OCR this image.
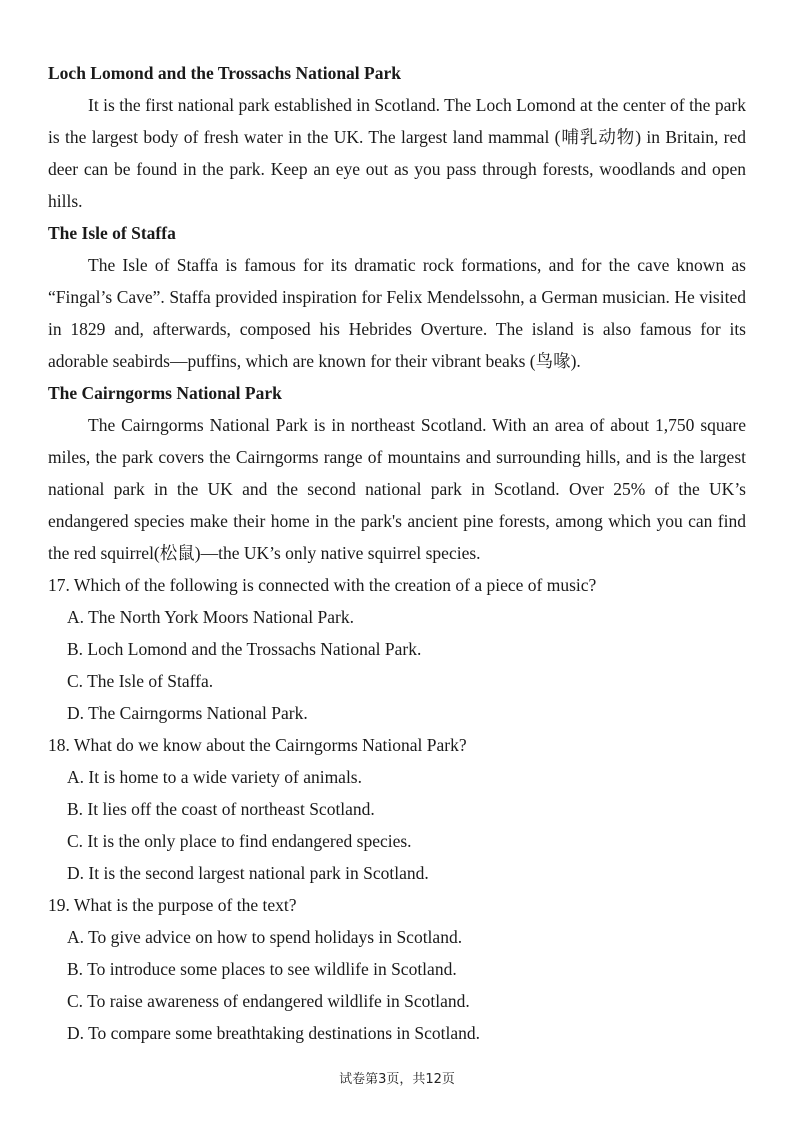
Loch Lomond and the Trossachs National Park

It is the first national park established in Scotland. The Loch Lomond at the center of the park is the largest body of fresh water in the UK. The largest land mammal (哺乳动物) in Britain, red deer can be found in the park. Keep an eye out as you pass through forests, woodlands and open hills.

The Isle of Staffa

The Isle of Staffa is famous for its dramatic rock formations, and for the cave known as “Fingal’s Cave”. Staffa provided inspiration for Felix Mendelssohn, a German musician. He visited in 1829 and, afterwards, composed his Hebrides Overture. The island is also famous for its adorable seabirds—puffins, which are known for their vibrant beaks (鸟喙).

The Cairngorms National Park

The Cairngorms National Park is in northeast Scotland. With an area of about 1,750 square miles, the park covers the Cairngorms range of mountains and surrounding hills, and is the largest national park in the UK and the second national park in Scotland. Over 25% of the UK’s endangered species make their home in the park's ancient pine forests, among which you can find the red squirrel(松鼠)—the UK’s only native squirrel species.

17. Which of the following is connected with the creation of a piece of music?
A. The North York Moors National Park.
B. Loch Lomond and the Trossachs National Park.
C. The Isle of Staffa.
D. The Cairngorms National Park.
18. What do we know about the Cairngorms National Park?
A. It is home to a wide variety of animals.
B. It lies off the coast of northeast Scotland.
C. It is the only place to find endangered species.
D. It is the second largest national park in Scotland.
19. What is the purpose of the text?
A. To give advice on how to spend holidays in Scotland.
B. To introduce some places to see wildlife in Scotland.
C. To raise awareness of endangered wildlife in Scotland.
D. To compare some breathtaking destinations in Scotland.
试卷第3页，共12页
